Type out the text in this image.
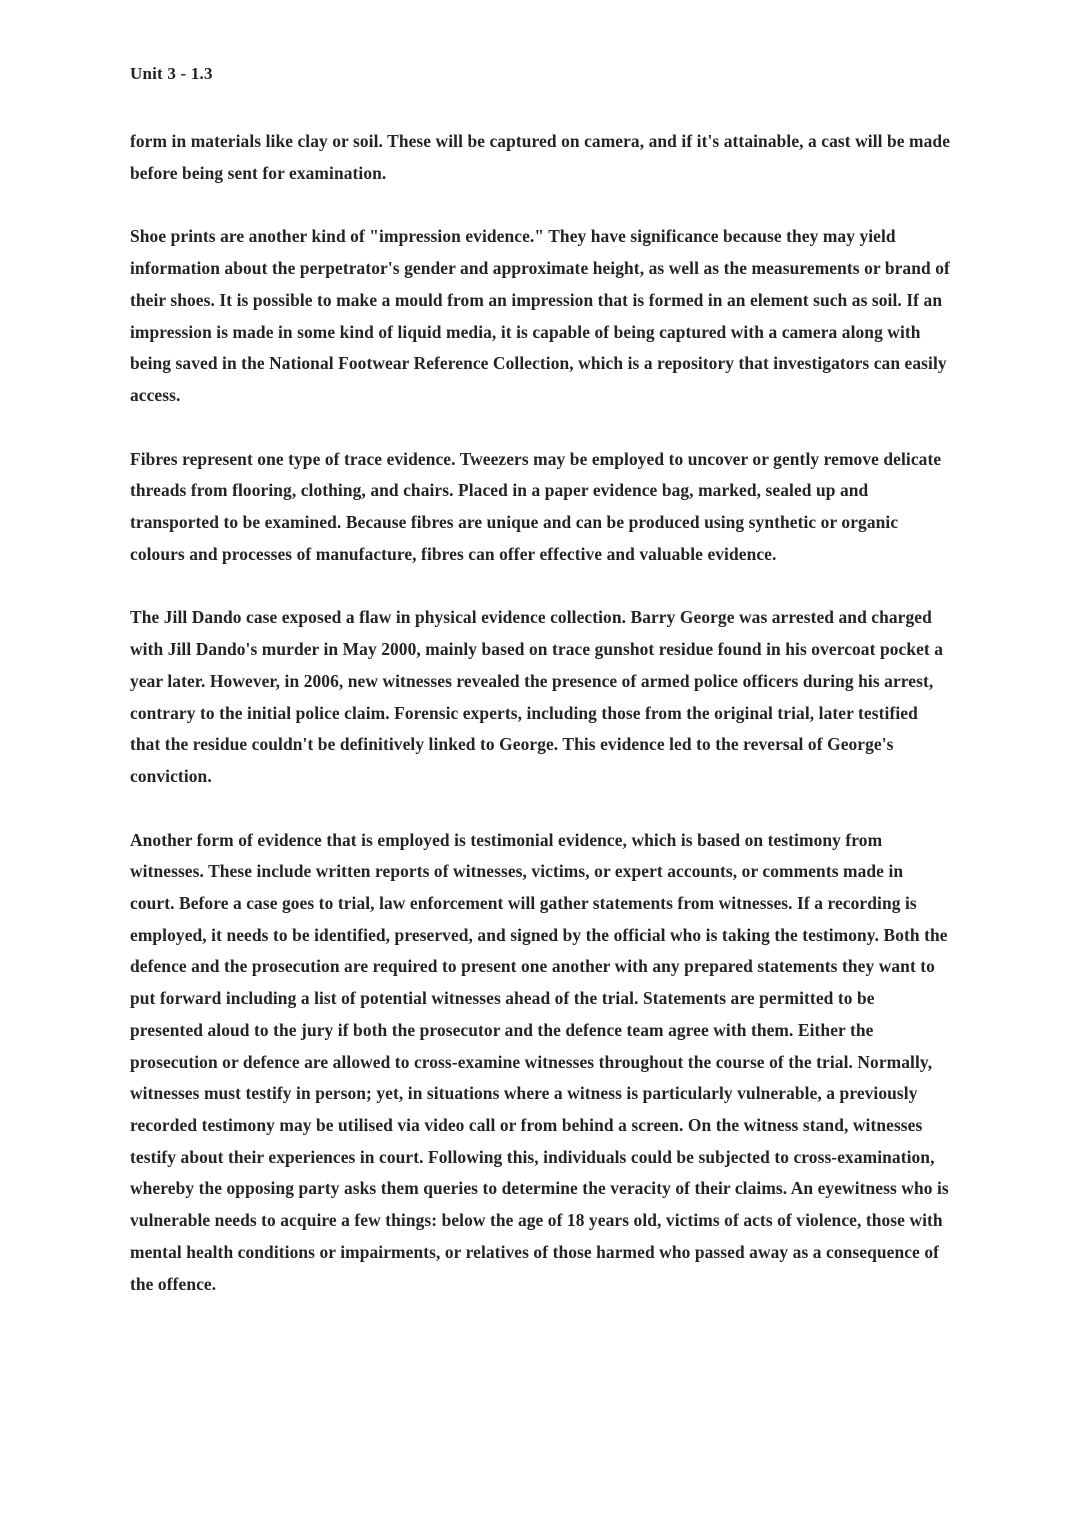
Unit 3 - 1.3

form in materials like clay or soil. These will be captured on camera, and if it's attainable, a cast will be made before being sent for examination.

Shoe prints are another kind of "impression evidence." They have significance because they may yield information about the perpetrator's gender and approximate height, as well as the measurements or brand of their shoes. It is possible to make a mould from an impression that is formed in an element such as soil. If an impression is made in some kind of liquid media, it is capable of being captured with a camera along with being saved in the National Footwear Reference Collection, which is a repository that investigators can easily access.

Fibres represent one type of trace evidence. Tweezers may be employed to uncover or gently remove delicate threads from flooring, clothing, and chairs. Placed in a paper evidence bag, marked, sealed up and transported to be examined. Because fibres are unique and can be produced using synthetic or organic colours and processes of manufacture, fibres can offer effective and valuable evidence.

The Jill Dando case exposed a flaw in physical evidence collection. Barry George was arrested and charged with Jill Dando's murder in May 2000, mainly based on trace gunshot residue found in his overcoat pocket a year later. However, in 2006, new witnesses revealed the presence of armed police officers during his arrest, contrary to the initial police claim. Forensic experts, including those from the original trial, later testified that the residue couldn't be definitively linked to George. This evidence led to the reversal of George's conviction.

Another form of evidence that is employed is testimonial evidence, which is based on testimony from witnesses. These include written reports of witnesses, victims, or expert accounts, or comments made in court. Before a case goes to trial, law enforcement will gather statements from witnesses. If a recording is employed, it needs to be identified, preserved, and signed by the official who is taking the testimony. Both the defence and the prosecution are required to present one another with any prepared statements they want to put forward including a list of potential witnesses ahead of the trial. Statements are permitted to be presented aloud to the jury if both the prosecutor and the defence team agree with them. Either the prosecution or defence are allowed to cross-examine witnesses throughout the course of the trial. Normally, witnesses must testify in person; yet, in situations where a witness is particularly vulnerable, a previously recorded testimony may be utilised via video call or from behind a screen. On the witness stand, witnesses testify about their experiences in court. Following this, individuals could be subjected to cross-examination, whereby the opposing party asks them queries to determine the veracity of their claims. An eyewitness who is vulnerable needs to acquire a few things: below the age of 18 years old, victims of acts of violence, those with mental health conditions or impairments, or relatives of those harmed who passed away as a consequence of the offence.
